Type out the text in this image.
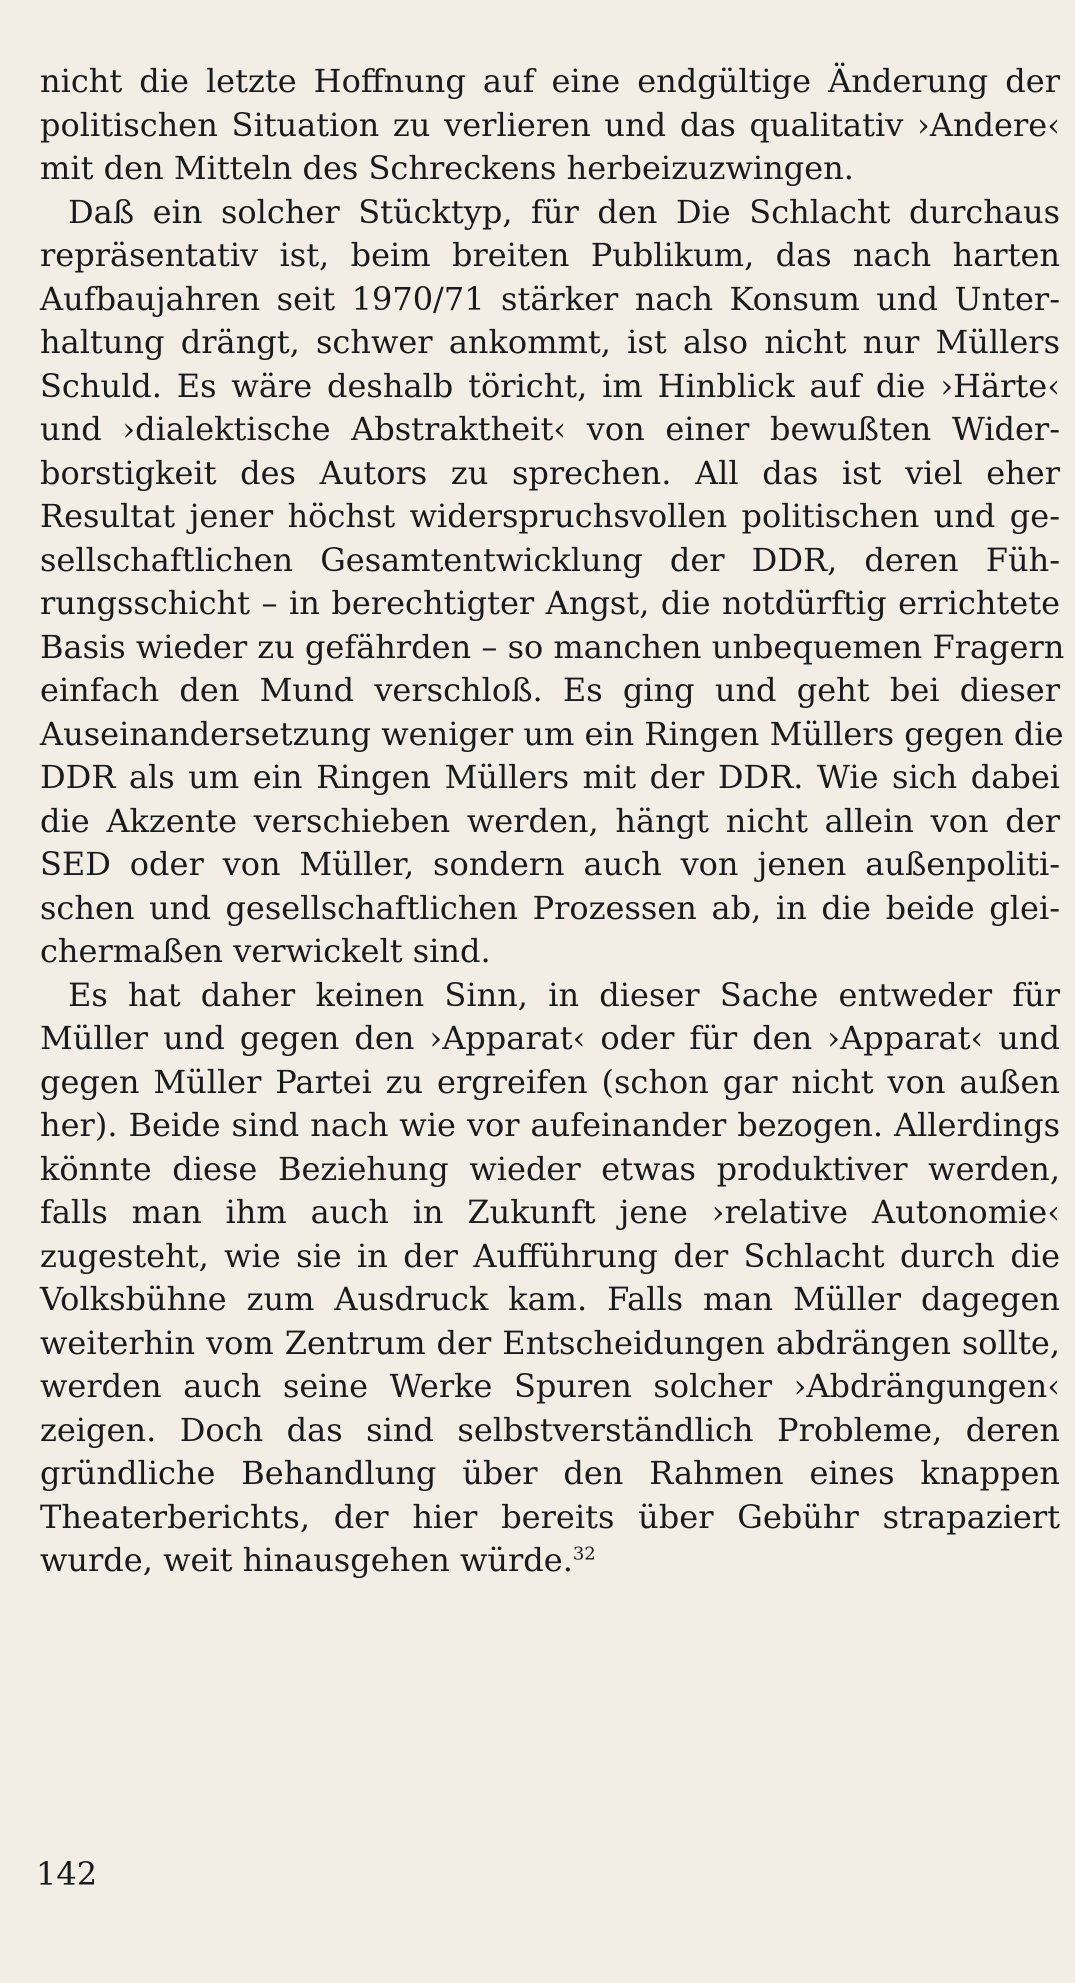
nicht die letzte Hoffnung auf eine endgültige Änderung der
politischen Situation zu verlieren und das qualitativ ›Andere‹
mit den Mitteln des Schreckens herbeizuzwingen.
Daß ein solcher Stücktyp, für den Die Schlacht durchaus
repräsentativ ist, beim breiten Publikum, das nach harten
Aufbaujahren seit 1970/71 stärker nach Konsum und Unter-
haltung drängt, schwer ankommt, ist also nicht nur Müllers
Schuld. Es wäre deshalb töricht, im Hinblick auf die ›Härte‹
und ›dialektische Abstraktheit‹ von einer bewußten Wider-
borstigkeit des Autors zu sprechen. All das ist viel eher
Resultat jener höchst widerspruchsvollen politischen und ge-
sellschaftlichen Gesamtentwicklung der DDR, deren Füh-
rungsschicht – in berechtigter Angst, die notdürftig errichtete
Basis wieder zu gefährden – so manchen unbequemen Fragern
einfach den Mund verschloß. Es ging und geht bei dieser
Auseinandersetzung weniger um ein Ringen Müllers gegen die
DDR als um ein Ringen Müllers mit der DDR. Wie sich dabei
die Akzente verschieben werden, hängt nicht allein von der
SED oder von Müller, sondern auch von jenen außenpoliti-
schen und gesellschaftlichen Prozessen ab, in die beide glei-
chermaßen verwickelt sind.
Es hat daher keinen Sinn, in dieser Sache entweder für
Müller und gegen den ›Apparat‹ oder für den ›Apparat‹ und
gegen Müller Partei zu ergreifen (schon gar nicht von außen
her). Beide sind nach wie vor aufeinander bezogen. Allerdings
könnte diese Beziehung wieder etwas produktiver werden,
falls man ihm auch in Zukunft jene ›relative Autonomie‹
zugesteht, wie sie in der Aufführung der Schlacht durch die
Volksbühne zum Ausdruck kam. Falls man Müller dagegen
weiterhin vom Zentrum der Entscheidungen abdrängen sollte,
werden auch seine Werke Spuren solcher ›Abdrängungen‹
zeigen. Doch das sind selbstverständlich Probleme, deren
gründliche Behandlung über den Rahmen eines knappen
Theaterberichts, der hier bereits über Gebühr strapaziert
wurde, weit hinausgehen würde.$^{32}$
142
